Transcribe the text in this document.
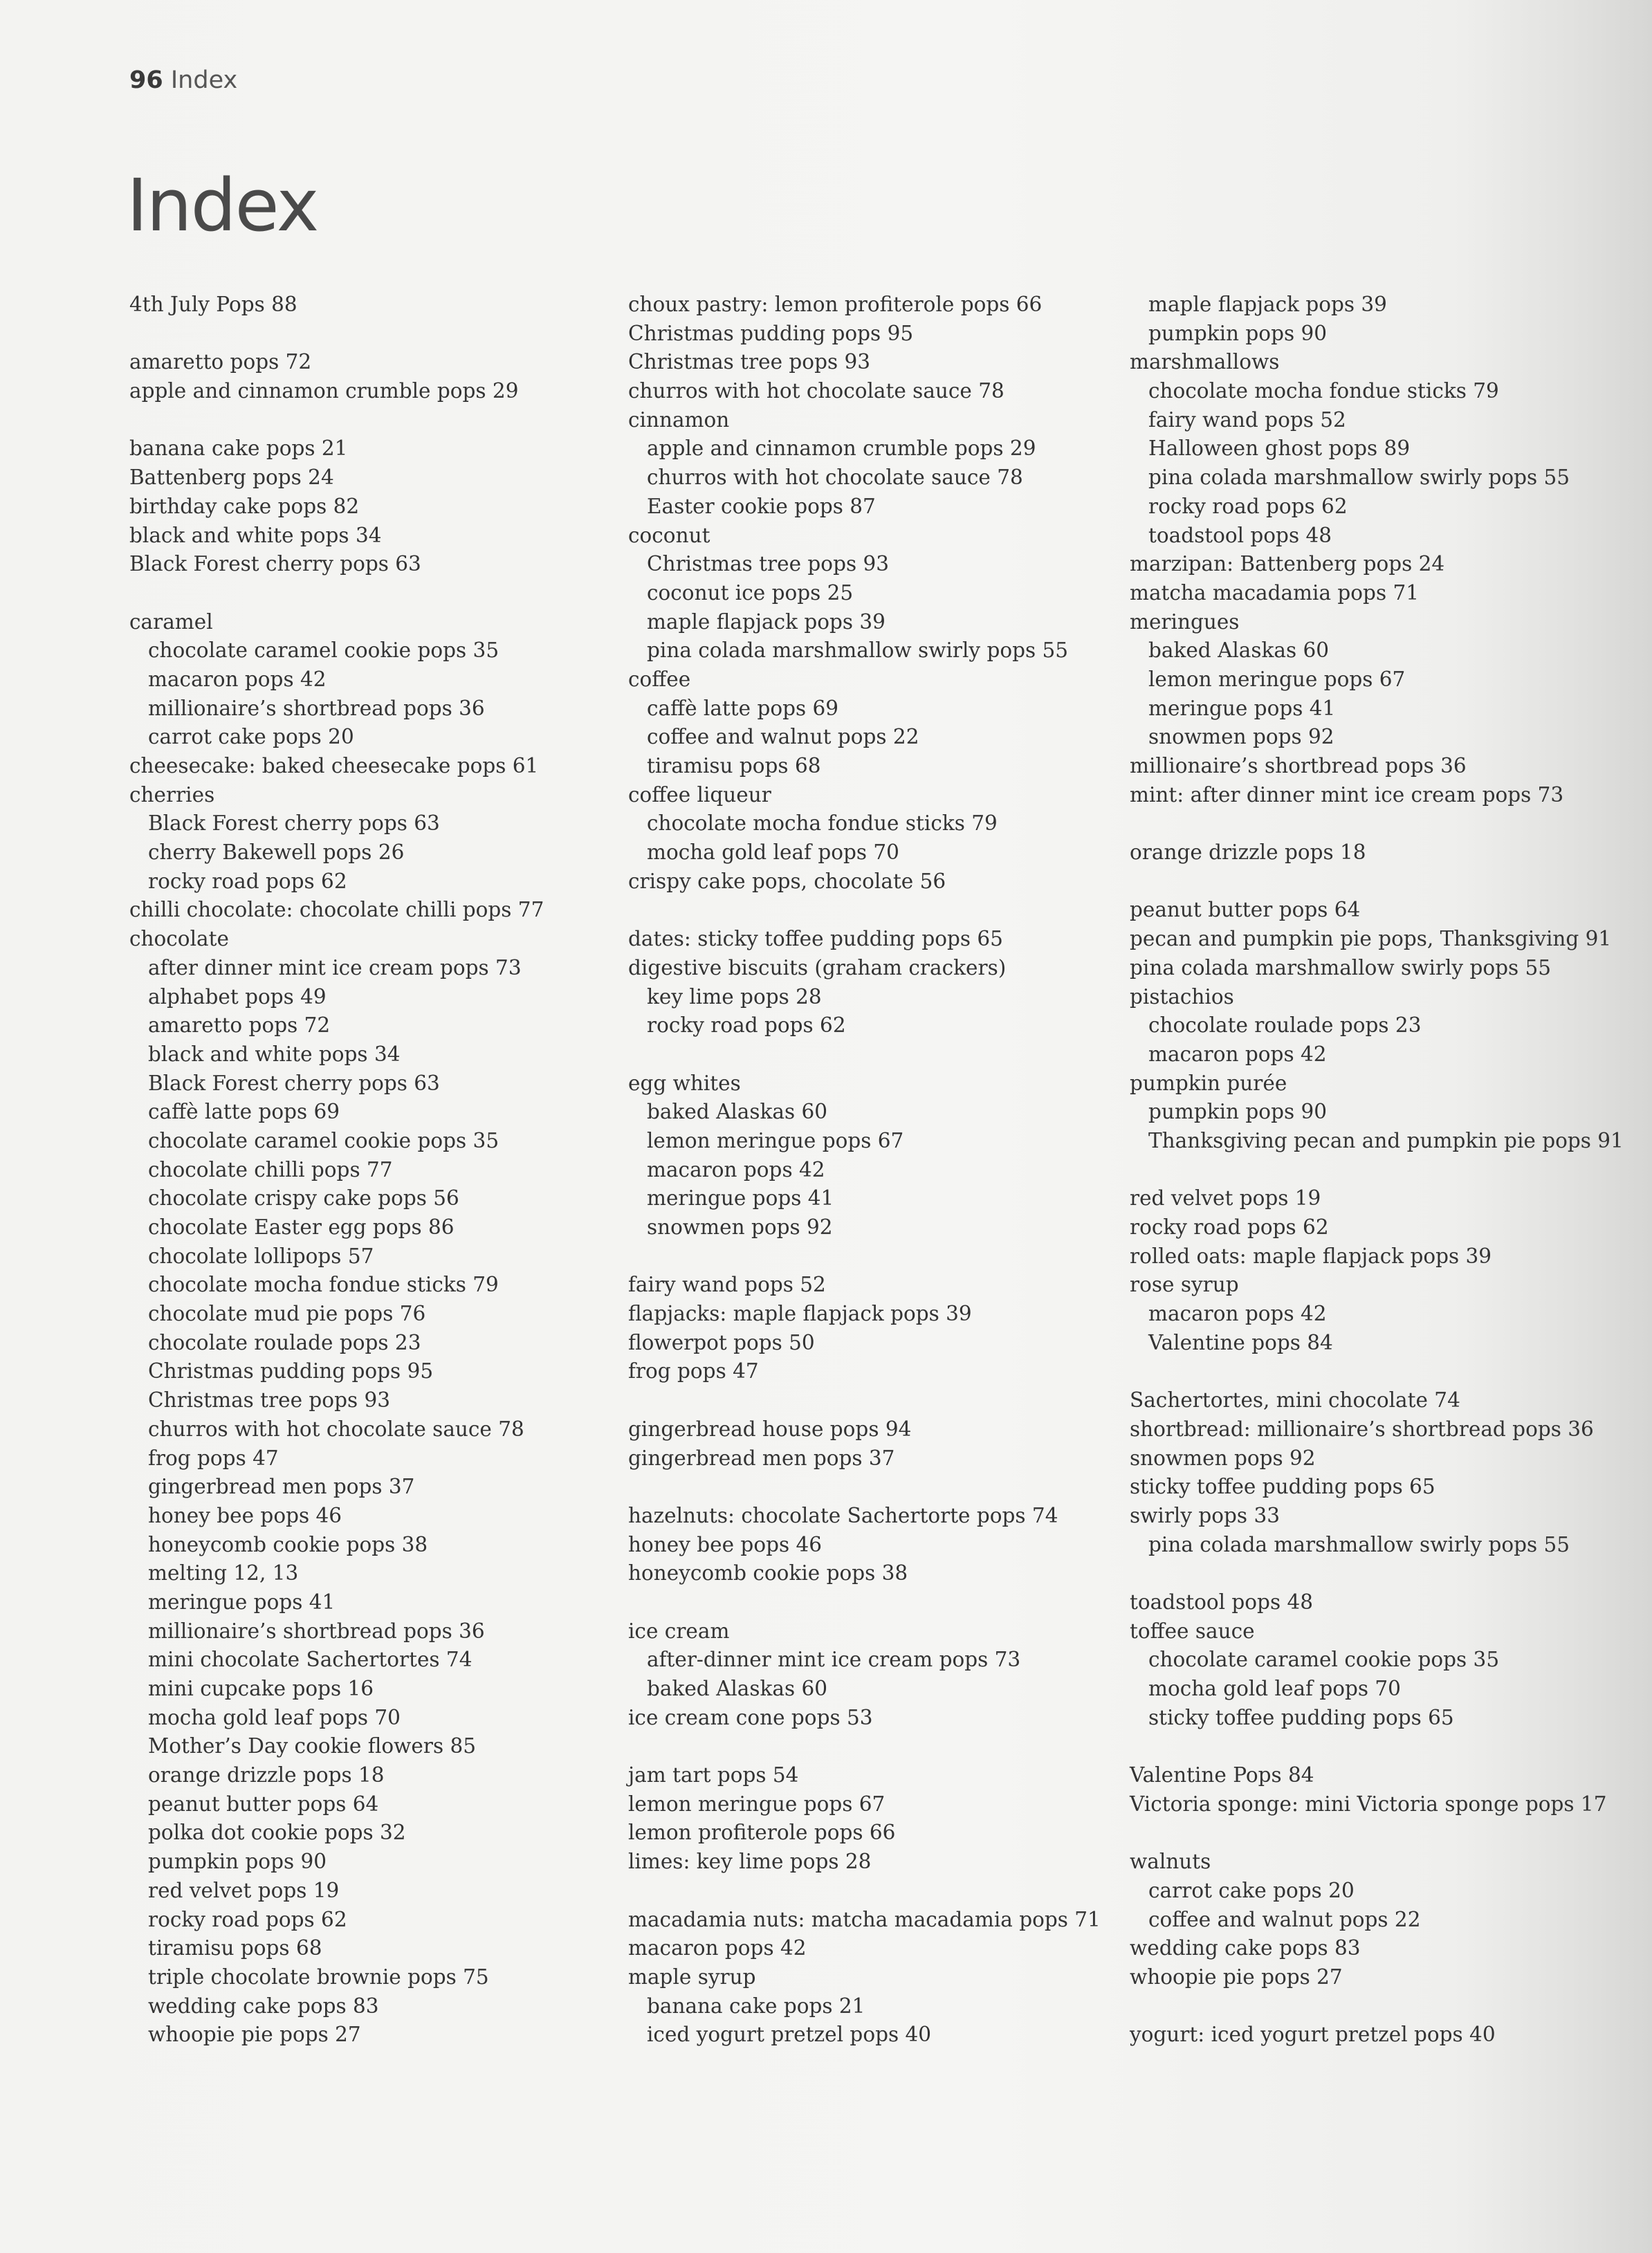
96 Index
Index
4th July Pops 88
amaretto pops 72
apple and cinnamon crumble pops 29
banana cake pops 21
Battenberg pops 24
birthday cake pops 82
black and white pops 34
Black Forest cherry pops 63
caramel
chocolate caramel cookie pops 35
macaron pops 42
millionaire’s shortbread pops 36
carrot cake pops 20
cheesecake: baked cheesecake pops 61
cherries
Black Forest cherry pops 63
cherry Bakewell pops 26
rocky road pops 62
chilli chocolate: chocolate chilli pops 77
chocolate
after dinner mint ice cream pops 73
alphabet pops 49
amaretto pops 72
black and white pops 34
Black Forest cherry pops 63
caffè latte pops 69
chocolate caramel cookie pops 35
chocolate chilli pops 77
chocolate crispy cake pops 56
chocolate Easter egg pops 86
chocolate lollipops 57
chocolate mocha fondue sticks 79
chocolate mud pie pops 76
chocolate roulade pops 23
Christmas pudding pops 95
Christmas tree pops 93
churros with hot chocolate sauce 78
frog pops 47
gingerbread men pops 37
honey bee pops 46
honeycomb cookie pops 38
melting 12, 13
meringue pops 41
millionaire’s shortbread pops 36
mini chocolate Sachertortes 74
mini cupcake pops 16
mocha gold leaf pops 70
Mother’s Day cookie flowers 85
orange drizzle pops 18
peanut butter pops 64
polka dot cookie pops 32
pumpkin pops 90
red velvet pops 19
rocky road pops 62
tiramisu pops 68
triple chocolate brownie pops 75
wedding cake pops 83
whoopie pie pops 27
choux pastry: lemon profiterole pops 66
Christmas pudding pops 95
Christmas tree pops 93
churros with hot chocolate sauce 78
cinnamon
apple and cinnamon crumble pops 29
churros with hot chocolate sauce 78
Easter cookie pops 87
coconut
Christmas tree pops 93
coconut ice pops 25
maple flapjack pops 39
pina colada marshmallow swirly pops 55
coffee
caffè latte pops 69
coffee and walnut pops 22
tiramisu pops 68
coffee liqueur
chocolate mocha fondue sticks 79
mocha gold leaf pops 70
crispy cake pops, chocolate 56
dates: sticky toffee pudding pops 65
digestive biscuits (graham crackers)
key lime pops 28
rocky road pops 62
egg whites
baked Alaskas 60
lemon meringue pops 67
macaron pops 42
meringue pops 41
snowmen pops 92
fairy wand pops 52
flapjacks: maple flapjack pops 39
flowerpot pops 50
frog pops 47
gingerbread house pops 94
gingerbread men pops 37
hazelnuts: chocolate Sachertorte pops 74
honey bee pops 46
honeycomb cookie pops 38
ice cream
after-dinner mint ice cream pops 73
baked Alaskas 60
ice cream cone pops 53
jam tart pops 54
lemon meringue pops 67
lemon profiterole pops 66
limes: key lime pops 28
macadamia nuts: matcha macadamia pops 71
macaron pops 42
maple syrup
banana cake pops 21
iced yogurt pretzel pops 40
maple flapjack pops 39
pumpkin pops 90
marshmallows
chocolate mocha fondue sticks 79
fairy wand pops 52
Halloween ghost pops 89
pina colada marshmallow swirly pops 55
rocky road pops 62
toadstool pops 48
marzipan: Battenberg pops 24
matcha macadamia pops 71
meringues
baked Alaskas 60
lemon meringue pops 67
meringue pops 41
snowmen pops 92
millionaire’s shortbread pops 36
mint: after dinner mint ice cream pops 73
orange drizzle pops 18
peanut butter pops 64
pecan and pumpkin pie pops, Thanksgiving 91
pina colada marshmallow swirly pops 55
pistachios
chocolate roulade pops 23
macaron pops 42
pumpkin purée
pumpkin pops 90
Thanksgiving pecan and pumpkin pie pops 91
red velvet pops 19
rocky road pops 62
rolled oats: maple flapjack pops 39
rose syrup
macaron pops 42
Valentine pops 84
Sachertortes, mini chocolate 74
shortbread: millionaire’s shortbread pops 36
snowmen pops 92
sticky toffee pudding pops 65
swirly pops 33
pina colada marshmallow swirly pops 55
toadstool pops 48
toffee sauce
chocolate caramel cookie pops 35
mocha gold leaf pops 70
sticky toffee pudding pops 65
Valentine Pops 84
Victoria sponge: mini Victoria sponge pops 17
walnuts
carrot cake pops 20
coffee and walnut pops 22
wedding cake pops 83
whoopie pie pops 27
yogurt: iced yogurt pretzel pops 40
